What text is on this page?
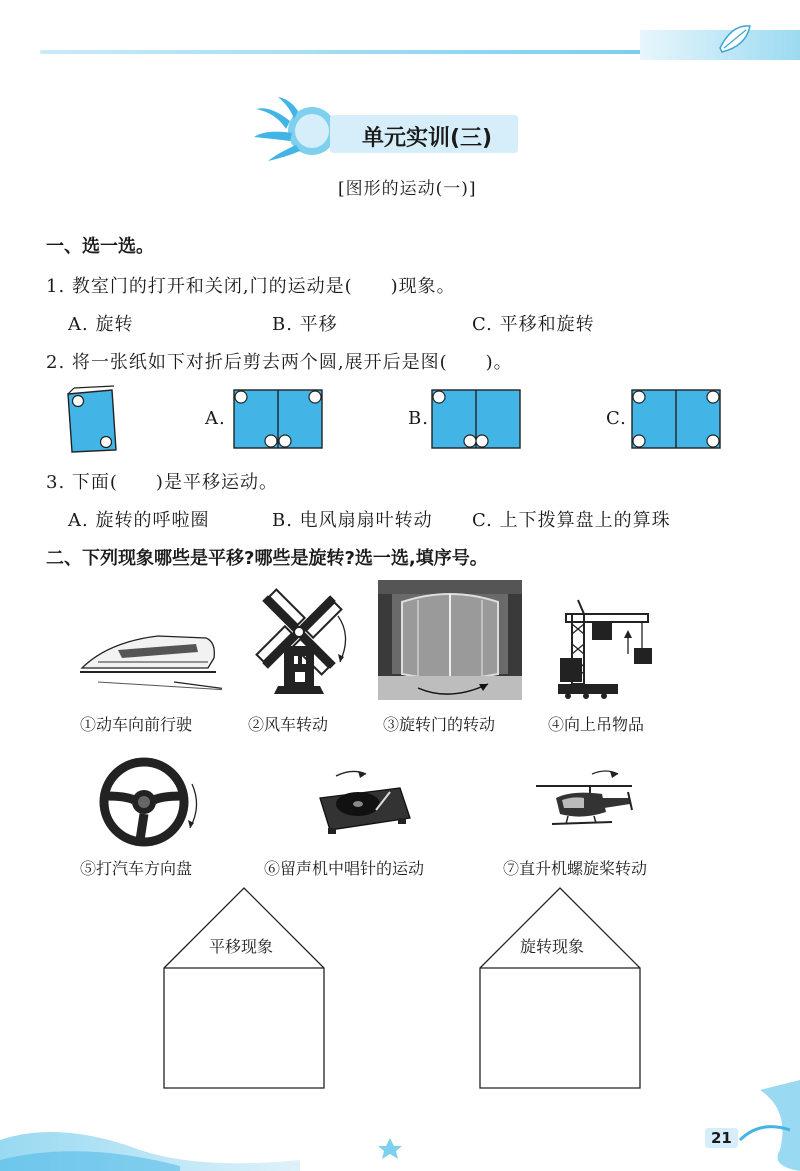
单元实训(三)
[图形的运动(一)]
一、选一选。
1. 教室门的打开和关闭,门的运动是(　　)现象。
A. 旋转	B. 平移	C. 平移和旋转
2. 将一张纸如下对折后剪去两个圆,展开后是图(　　)。
A.	B.	C.
3. 下面(　　)是平移运动。
A. 旋转的呼啦圈	B. 电风扇扇叶转动 C. 上下拨算盘上的算珠
二、下列现象哪些是平移?哪些是旋转?选一选,填序号。
①动车向前行驶	②风车转动	③旋转门的转动	④向上吊物品
⑤打汽车方向盘	⑥留声机中唱针的运动	⑦直升机螺旋桨转动
平移现象	旋转现象
21
